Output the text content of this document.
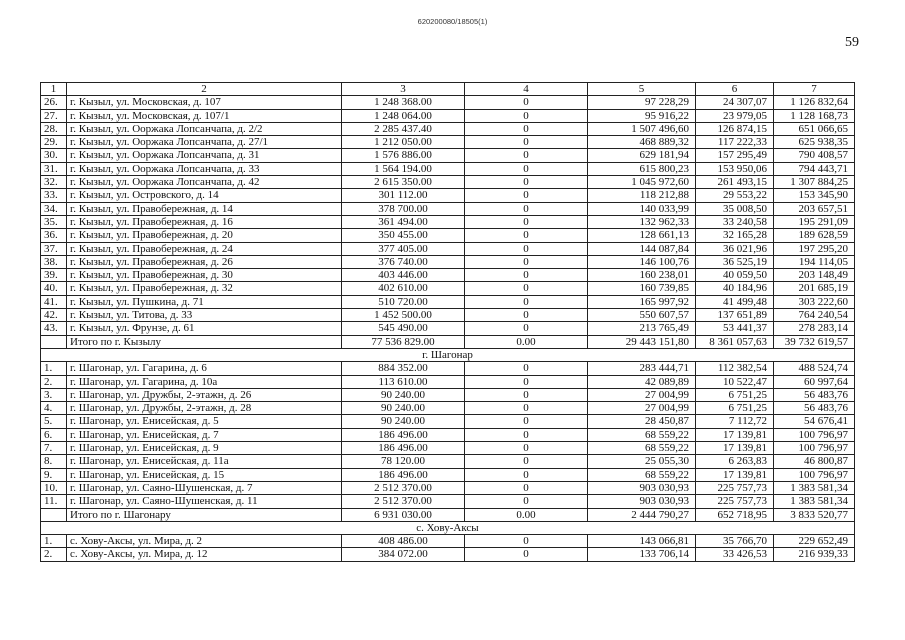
620200080/18505(1)
59
1	2	3	4	5	6	7
26.	г. Кызыл, ул. Московская, д. 107	1 248 368.00	0	97 228,29	24 307,07	1 126 832,64
27.	г. Кызыл, ул. Московская, д. 107/1	1 248 064.00	0	95 916,22	23 979,05	1 128 168,73
28.	г. Кызыл, ул. Ооржака Лопсанчапа, д. 2/2	2 285 437.40	0	1 507 496,60	126 874,15	651 066,65
29.	г. Кызыл, ул. Ооржака Лопсанчапа, д. 27/1	1 212 050.00	0	468 889,32	117 222,33	625 938,35
30.	г. Кызыл, ул. Ооржака Лопсанчапа, д. 31	1 576 886.00	0	629 181,94	157 295,49	790 408,57
31.	г. Кызыл, ул. Ооржака Лопсанчапа, д. 33	1 564 194.00	0	615 800,23	153 950,06	794 443,71
32.	г. Кызыл, ул. Ооржака Лопсанчапа, д. 42	2 615 350.00	0	1 045 972,60	261 493,15	1 307 884,25
33.	г. Кызыл, ул. Островского, д. 14	301 112.00	0	118 212,88	29 553,22	153 345,90
34.	г. Кызыл, ул. Правобережная, д. 14	378 700.00	0	140 033,99	35 008,50	203 657,51
35.	г. Кызыл, ул. Правобережная, д. 16	361 494.00	0	132 962,33	33 240,58	195 291,09
36.	г. Кызыл, ул. Правобережная, д. 20	350 455.00	0	128 661,13	32 165,28	189 628,59
37.	г. Кызыл, ул. Правобережная, д. 24	377 405.00	0	144 087,84	36 021,96	197 295,20
38.	г. Кызыл, ул. Правобережная, д. 26	376 740.00	0	146 100,76	36 525,19	194 114,05
39.	г. Кызыл, ул. Правобережная, д. 30	403 446.00	0	160 238,01	40 059,50	203 148,49
40.	г. Кызыл, ул. Правобережная, д. 32	402 610.00	0	160 739,85	40 184,96	201 685,19
41.	г. Кызыл, ул. Пушкина, д. 71	510 720.00	0	165 997,92	41 499,48	303 222,60
42.	г. Кызыл, ул. Титова, д. 33	1 452 500.00	0	550 607,57	137 651,89	764 240,54
43.	г. Кызыл, ул. Фрунзе, д. 61	545 490.00	0	213 765,49	53 441,37	278 283,14
	Итого по г. Кызылу	77 536 829.00	0.00	29 443 151,80	8 361 057,63	39 732 619,57
г. Шагонар						
1.	г. Шагонар, ул. Гагарина, д. 6	884 352.00	0	283 444,71	112 382,54	488 524,74
2.	г. Шагонар, ул. Гагарина, д. 10а	113 610.00	0	42 089,89	10 522,47	60 997,64
3.	г. Шагонар, ул. Дружбы, 2-этажн, д. 26	90 240.00	0	27 004,99	6 751,25	56 483,76
4.	г. Шагонар, ул. Дружбы, 2-этажн, д. 28	90 240.00	0	27 004,99	6 751,25	56 483,76
5.	г. Шагонар, ул. Енисейская, д. 5	90 240.00	0	28 450,87	7 112,72	54 676,41
6.	г. Шагонар, ул. Енисейская, д. 7	186 496.00	0	68 559,22	17 139,81	100 796,97
7.	г. Шагонар, ул. Енисейская, д. 9	186 496.00	0	68 559,22	17 139,81	100 796,97
8.	г. Шагонар, ул. Енисейская, д. 11а	78 120.00	0	25 055,30	6 263,83	46 800,87
9.	г. Шагонар, ул. Енисейская, д. 15	186 496.00	0	68 559,22	17 139,81	100 796,97
10.	г. Шагонар, ул. Саяно-Шушенская, д. 7	2 512 370.00	0	903 030,93	225 757,73	1 383 581,34
11.	г. Шагонар, ул. Саяно-Шушенская, д. 11	2 512 370.00	0	903 030,93	225 757,73	1 383 581,34
	Итого по г. Шагонару	6 931 030.00	0.00	2 444 790,27	652 718,95	3 833 520,77
с. Хову-Аксы						
1.	с. Хову-Аксы, ул. Мира, д. 2	408 486.00	0	143 066,81	35 766,70	229 652,49
2.	с. Хову-Аксы, ул. Мира, д. 12	384 072.00	0	133 706,14	33 426,53	216 939,33
